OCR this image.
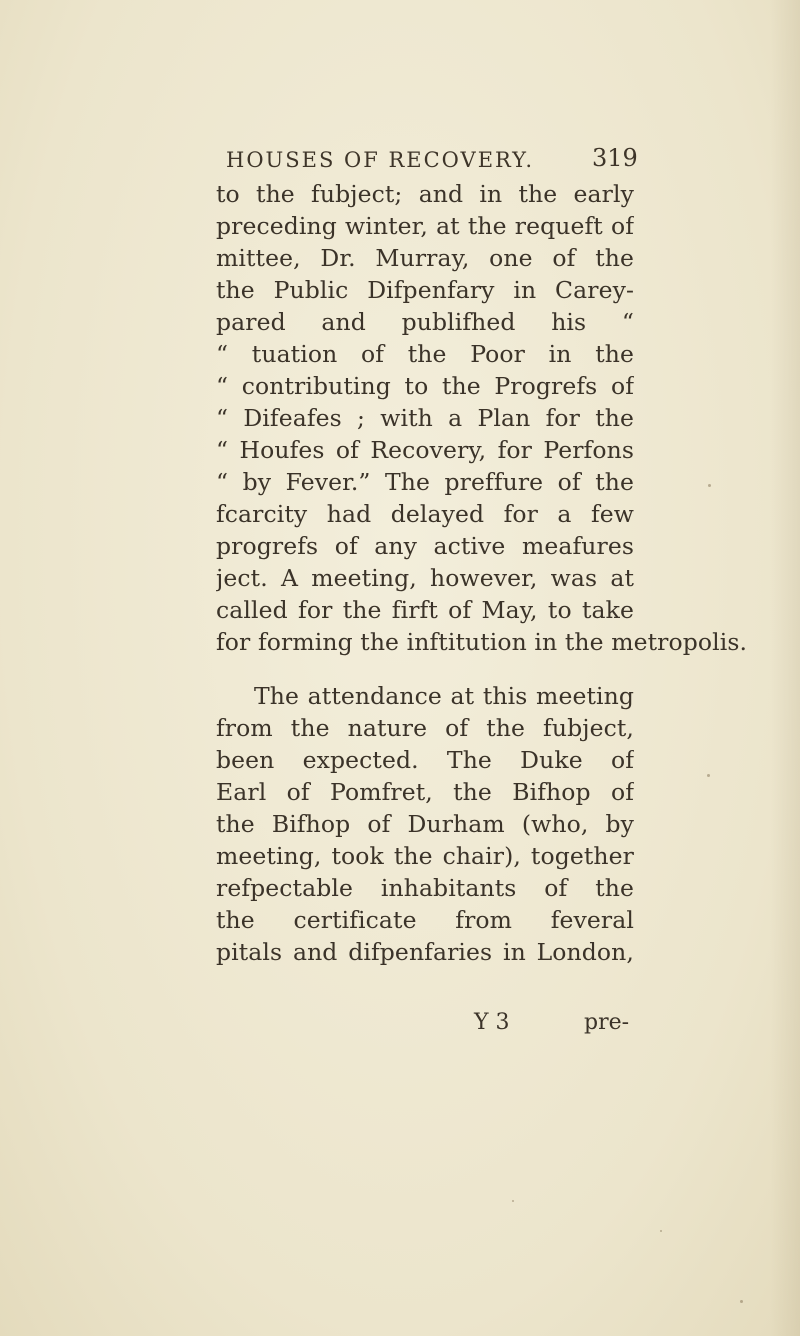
HOUSES OF RECOVERY.	319
to the fubject; and in the early
preceding winter, at the requeft of
mittee, Dr. Murray, one of the
the Public Difpenfary in Carey-
pared and publifhed his “
“ tuation of the Poor in the
“ contributing to the Progrefs of
“ Difeafes ; with a Plan for the
“ Houfes of Recovery, for Perfons
“ by Fever.” The preffure of the
fcarcity had delayed for a few
progrefs of any active meafures
ject. A meeting, however, was at
called for the firft of May, to take
for forming the inftitution in the metropolis.
The attendance at this meeting
from the nature of the fubject,
been expected. The Duke of
Earl of Pomfret, the Bifhop of
the Bifhop of Durham (who, by
meeting, took the chair), together
refpectable inhabitants of the
the certificate from feveral
pitals and difpenfaries in London,
Y 3	pre-
